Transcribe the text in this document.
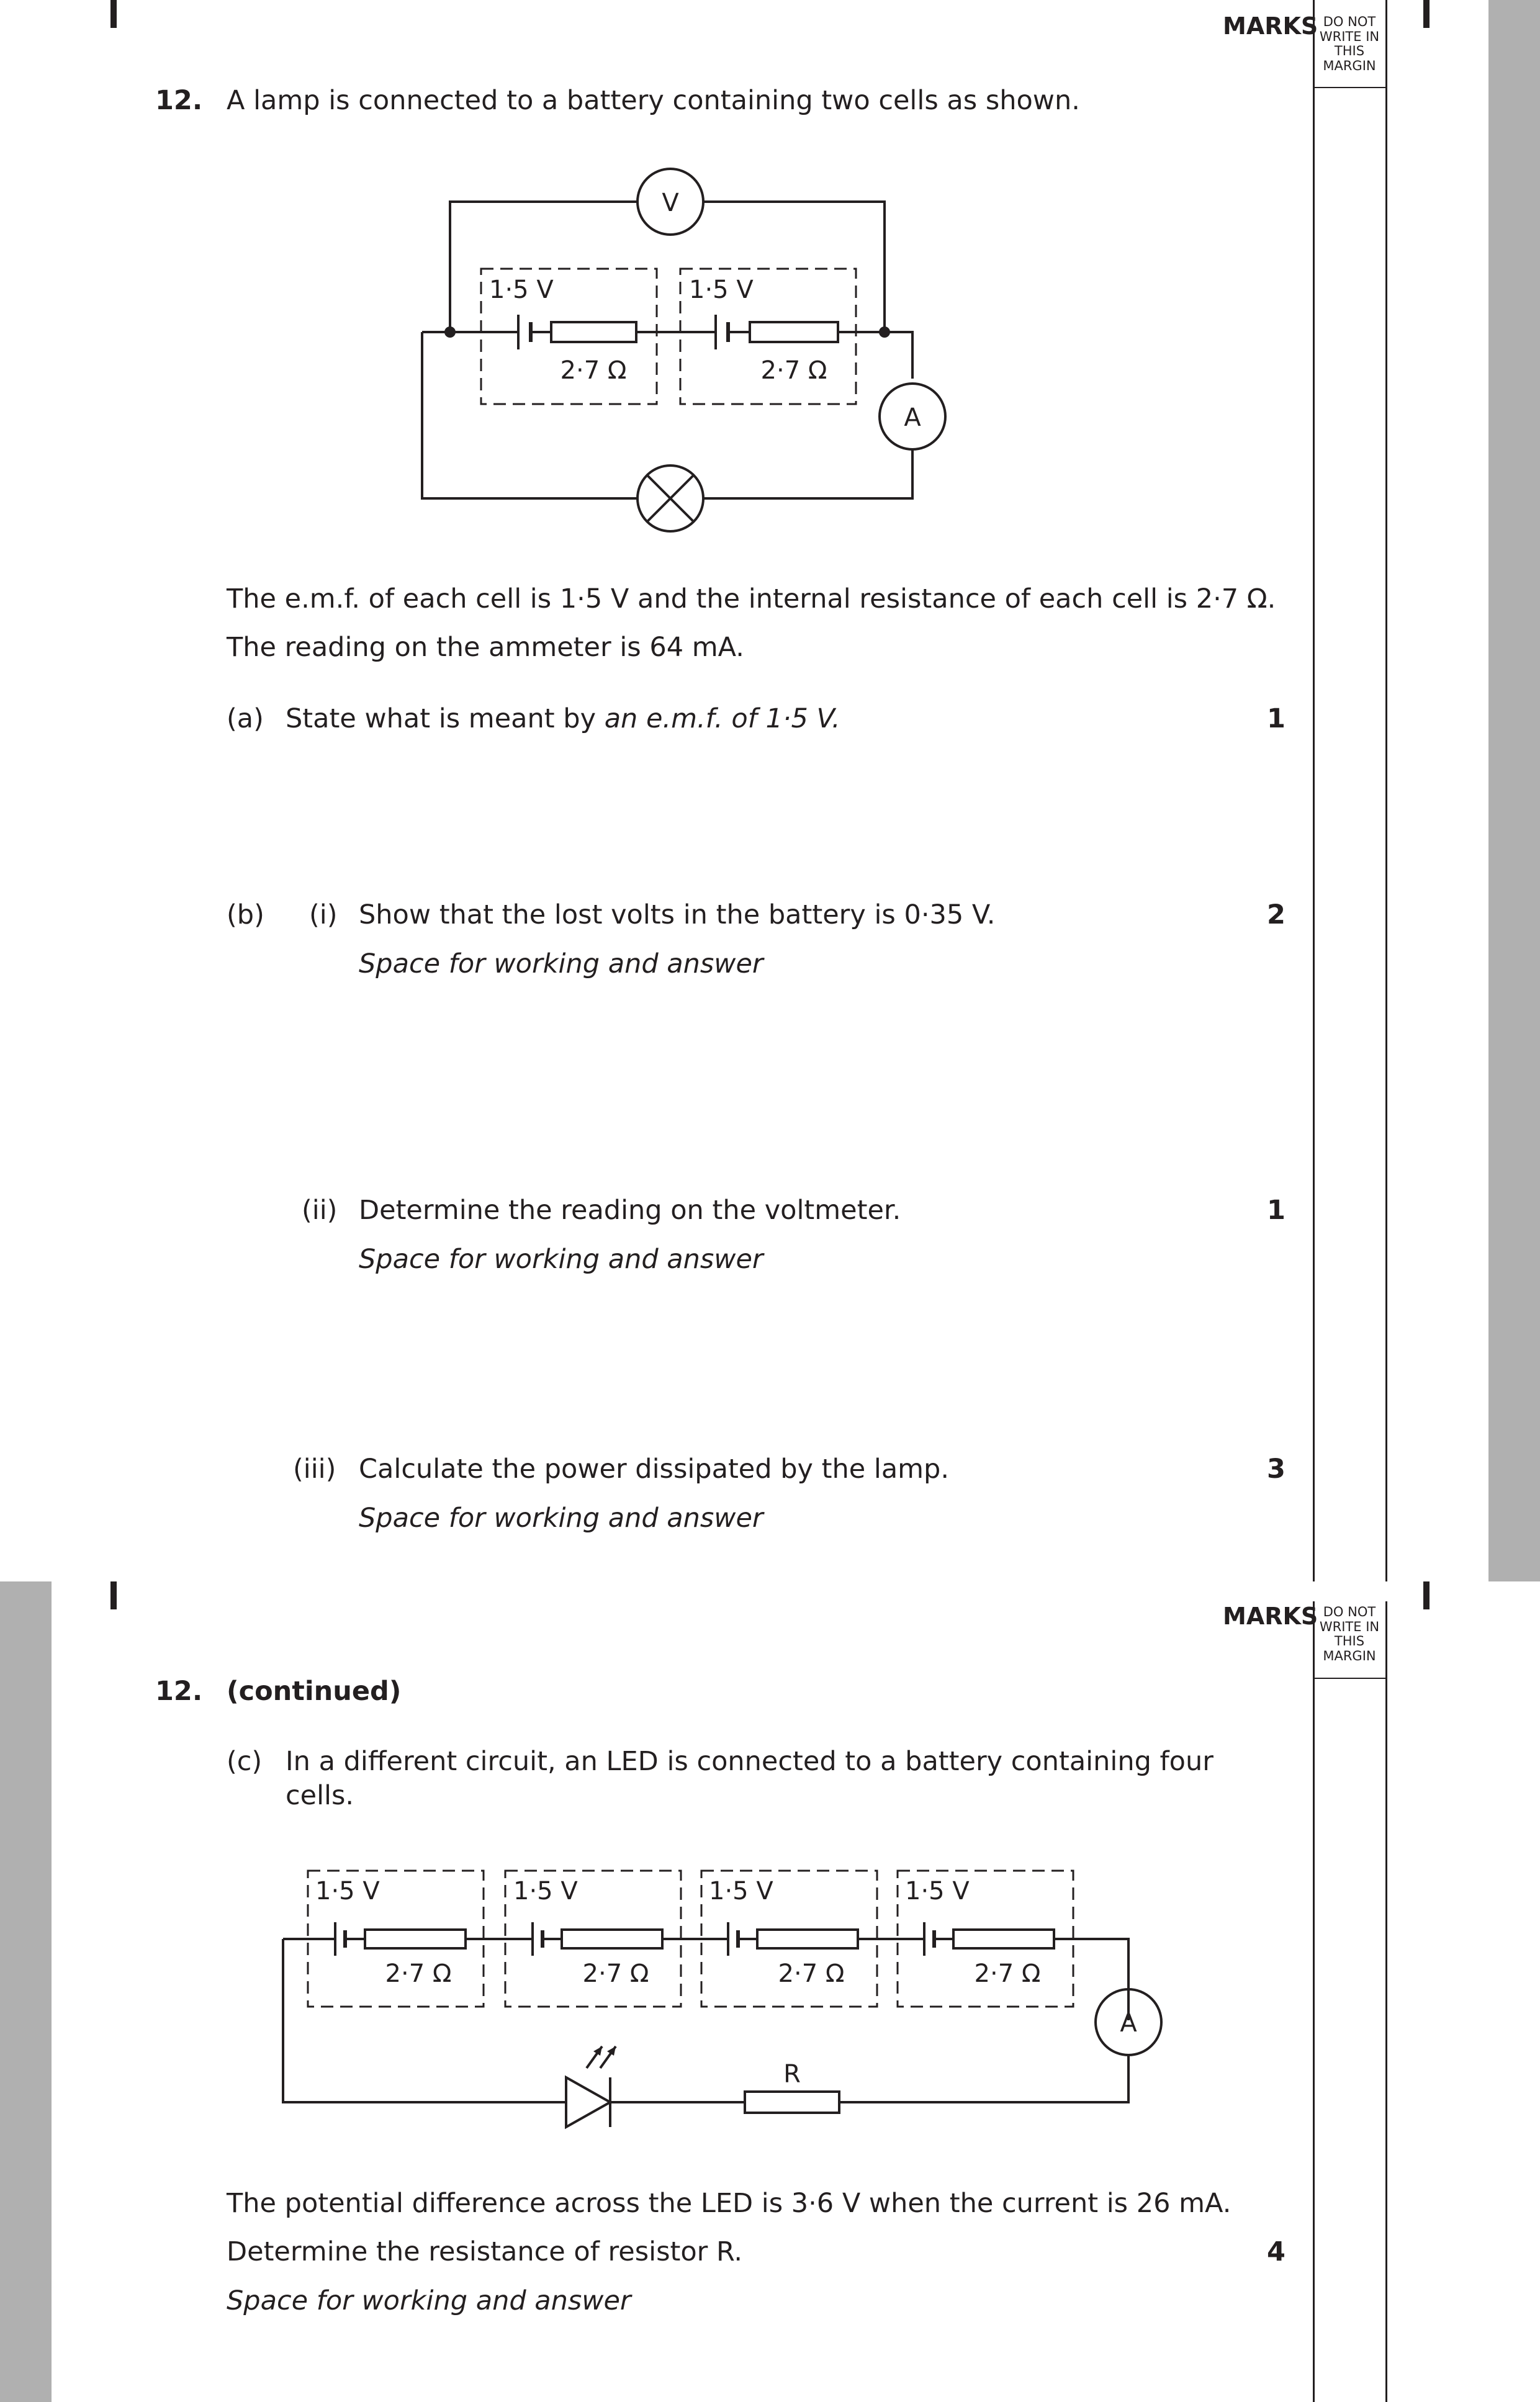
MARKS DO NOT
WRITE IN
THIS
MARGIN
12. A lamp is connected to a battery containing two cells as shown.
V
A
1·5 V	1·5 V
2·7 Ω	2·7 Ω
The e.m.f. of each cell is 1·5 V and the internal resistance of each cell is 2·7 Ω.
The reading on the ammeter is 64 mA.
(a) State what is meant by an e.m.f. of 1·5 V.	1
(b) (i) Show that the lost volts in the battery is 0·35 V.	2
Space for working and answer
(ii) Determine the reading on the voltmeter.	1
Space for working and answer
(iii) Calculate the power dissipated by the lamp.	3
Space for working and answer
MARKS DO NOT
WRITE IN
THIS
MARGIN
12. (continued)
(c) In a different circuit, an LED is connected to a battery containing four
cells.
1·5 V	1·5 V	1·5 V	1·5 V
2·7 Ω	2·7 Ω	2·7 Ω	2·7 Ω
A
R
The potential difference across the LED is 3·6 V when the current is 26 mA.
Determine the resistance of resistor R.	4
Space for working and answer
